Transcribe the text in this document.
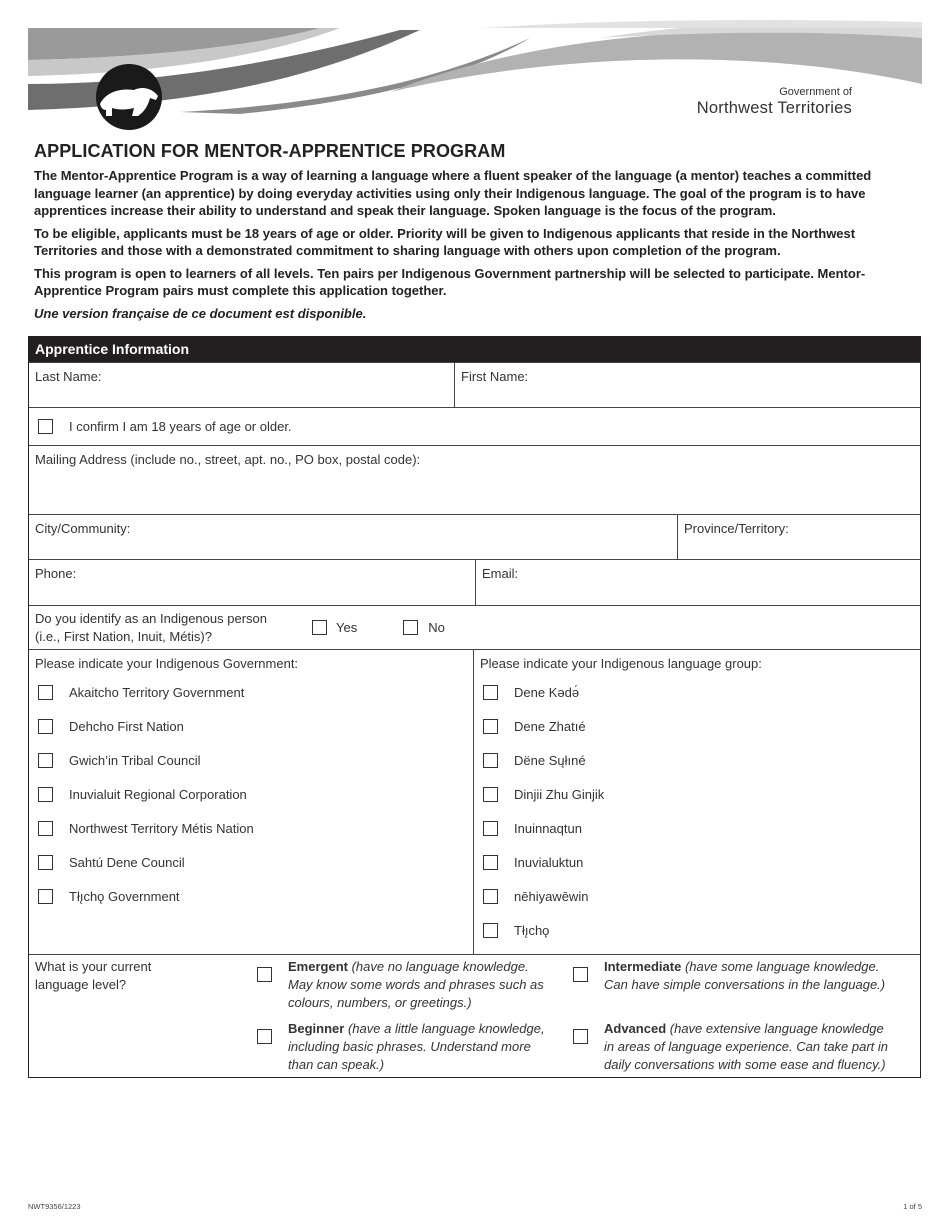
Government of
Northwest Territories
APPLICATION FOR MENTOR-APPRENTICE PROGRAM

The Mentor-Apprentice Program is a way of learning a language where a fluent speaker of the language (a mentor) teaches a committed language learner (an apprentice) by doing everyday activities using only their Indigenous language. The goal of the program is to have apprentices increase their ability to understand and speak their language. Spoken language is the focus of the program.

To be eligible, applicants must be 18 years of age or older. Priority will be given to Indigenous applicants that reside in the Northwest Territories and those with a demonstrated commitment to sharing language with others upon completion of the program.

This program is open to learners of all levels. Ten pairs per Indigenous Government partnership will be selected to participate. Mentor-Apprentice Program pairs must complete this application together.

Une version française de ce document est disponible.

Apprentice Information
Last Name:	First Name:
I confirm I am 18 years of age or older.
Mailing Address (include no., street, apt. no., PO box, postal code):
City/Community:	Province/Territory:
Phone:	Email:
Do you identify as an Indigenous person
(i.e., First Nation, Inuit, Métis)?
Yes	No
Please indicate your Indigenous Government:
Akaitcho Territory Government
Dehcho First Nation
Gwich’in Tribal Council
Inuvialuit Regional Corporation
Northwest Territory Métis Nation
Sahtú Dene Council
Tłı̨chǫ Government
Please indicate your Indigenous language group:
Dene Kədə́
Dene Zhatıé
Dëne Sųłıné
Dinjii Zhu Ginjik
Inuinnaqtun
Inuvialuktun
nēhiyawēwin
Tłı̨chǫ
What is your current
language level?
Emergent (have no language knowledge. May know some words and phrases such as colours, numbers, or greetings.)
Intermediate (have some language knowledge. Can have simple conversations in the language.)
Beginner (have a little language knowledge, including basic phrases. Understand more than can speak.)
Advanced (have extensive language knowledge in areas of language experience. Can take part in daily conversations with some ease and fluency.)
NWT9356/1223	1 of 5
